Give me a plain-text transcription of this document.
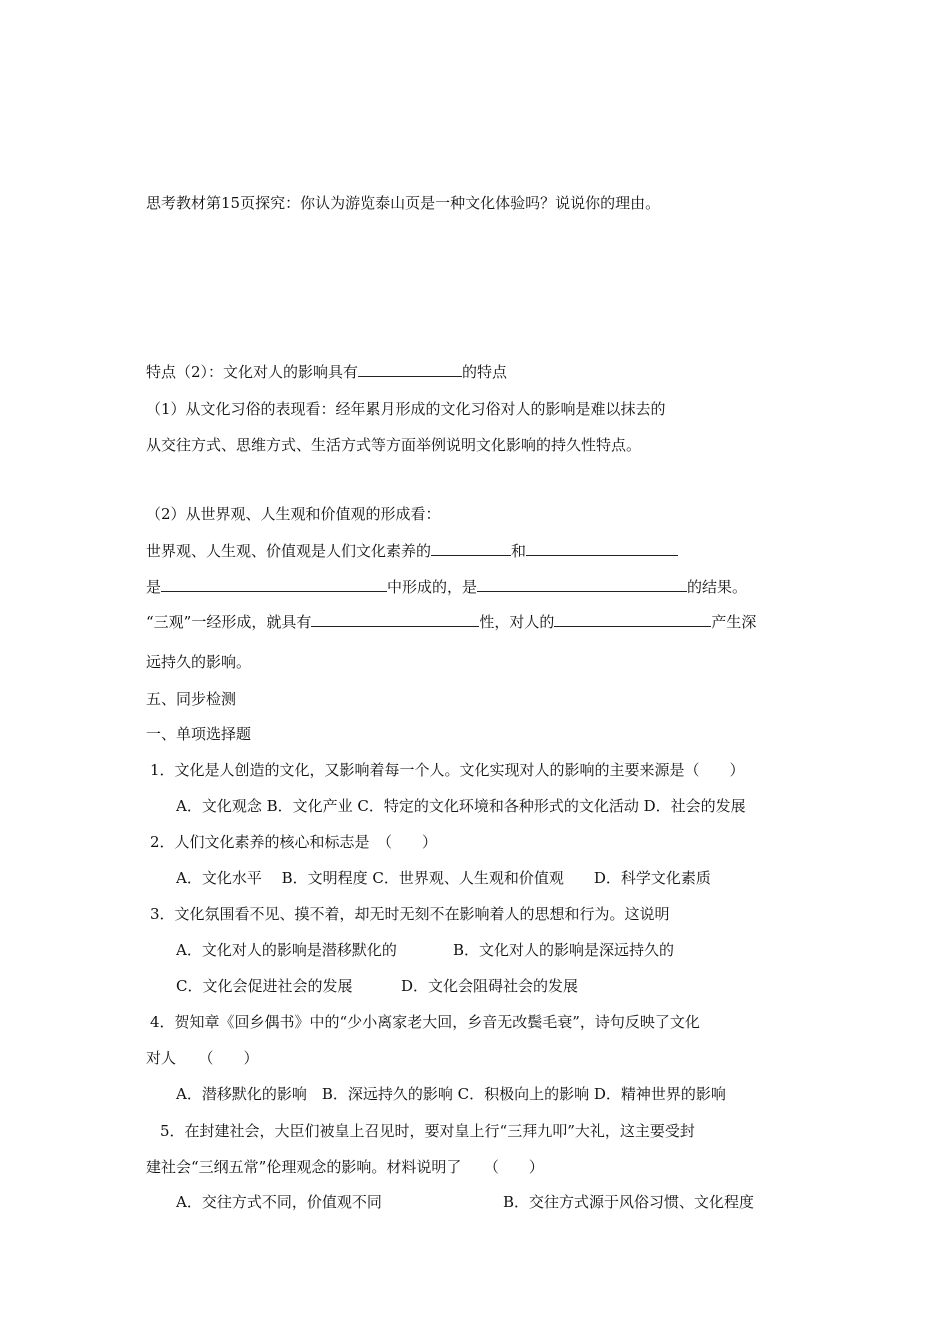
思考教材第15页探究：你认为游览泰山页是一种文化体验吗？说说你的理由。
特点（2）：文化对人的影响具有	的特点
（1）从文化习俗的表现看：经年累月形成的文化习俗对人的影响是难以抹去的
从交往方式、思维方式、生活方式等方面举例说明文化影响的持久性特点。
（2）从世界观、人生观和价值观的形成看：
世界观、人生观、价值观是人们文化素养的	和
是	中形成的，是	的结果。
“三观”一经形成，就具有	性，对人的	产生深
远持久的影响。
五、同步检测
一、单项选择题
1．文化是人创造的文化，又影响着每一个人。文化实现对人的影响的主要来源是（　　）
A．文化观念 B．文化产业 C．特定的文化环境和各种形式的文化活动 D．社会的发展
2．人们文化素养的核心和标志是　（　　）
A．文化水平　 B．文明程度 C．世界观、人生观和价值观　　D．科学文化素质
3．文化氛围看不见、摸不着，却无时无刻不在影响着人的思想和行为。这说明
A．文化对人的影响是潜移默化的	B．文化对人的影响是深远持久的
C．文化会促进社会的发展	D．文化会阻碍社会的发展
4．贺知章《回乡偶书》中的“少小离家老大回，乡音无改鬓毛衰”，诗句反映了文化
对人　　（　　）
A．潜移默化的影响　B．深远持久的影响 C．积极向上的影响 D．精神世界的影响
5．在封建社会，大臣们被皇上召见时，要对皇上行“三拜九叩”大礼，这主要受封
建社会“三纲五常”伦理观念的影响。材料说明了　　（　　）
A．交往方式不同，价值观不同	B．交往方式源于风俗习惯、文化程度
